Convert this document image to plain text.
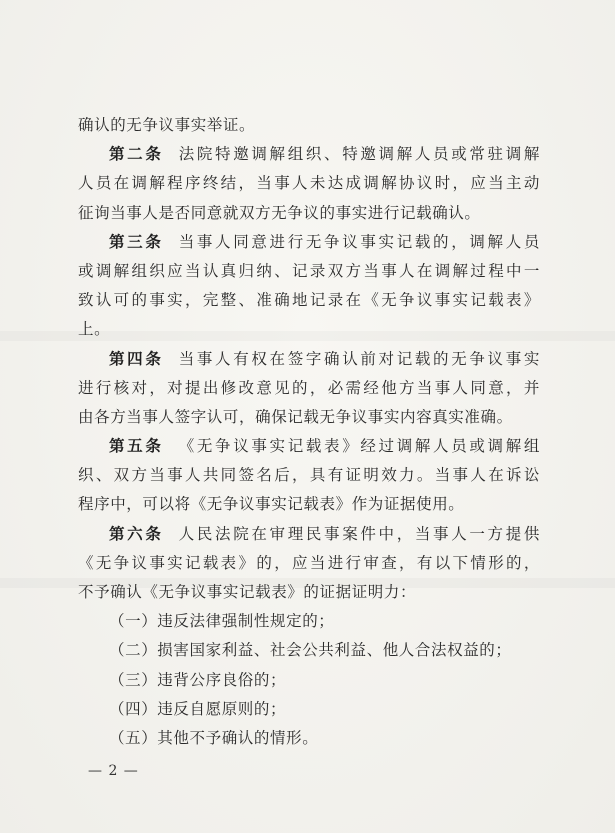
确认的无争议事实举证。
第二条 法院特邀调解组织、特邀调解人员或常驻调解
人员在调解程序终结，当事人未达成调解协议时，应当主动
征询当事人是否同意就双方无争议的事实进行记载确认。
第三条 当事人同意进行无争议事实记载的，调解人员
或调解组织应当认真归纳、记录双方当事人在调解过程中一
致认可的事实，完整、准确地记录在《无争议事实记载表》
上。
第四条 当事人有权在签字确认前对记载的无争议事实
进行核对，对提出修改意见的，必需经他方当事人同意，并
由各方当事人签字认可，确保记载无争议事实内容真实准确。
第五条 《无争议事实记载表》经过调解人员或调解组
织、双方当事人共同签名后，具有证明效力。当事人在诉讼
程序中，可以将《无争议事实记载表》作为证据使用。
第六条 人民法院在审理民事案件中，当事人一方提供
《无争议事实记载表》的，应当进行审查，有以下情形的，
不予确认《无争议事实记载表》的证据证明力：
（一）违反法律强制性规定的；
（二）损害国家利益、社会公共利益、他人合法权益的；
（三）违背公序良俗的；
（四）违反自愿原则的；
（五）其他不予确认的情形。
— 2 —
